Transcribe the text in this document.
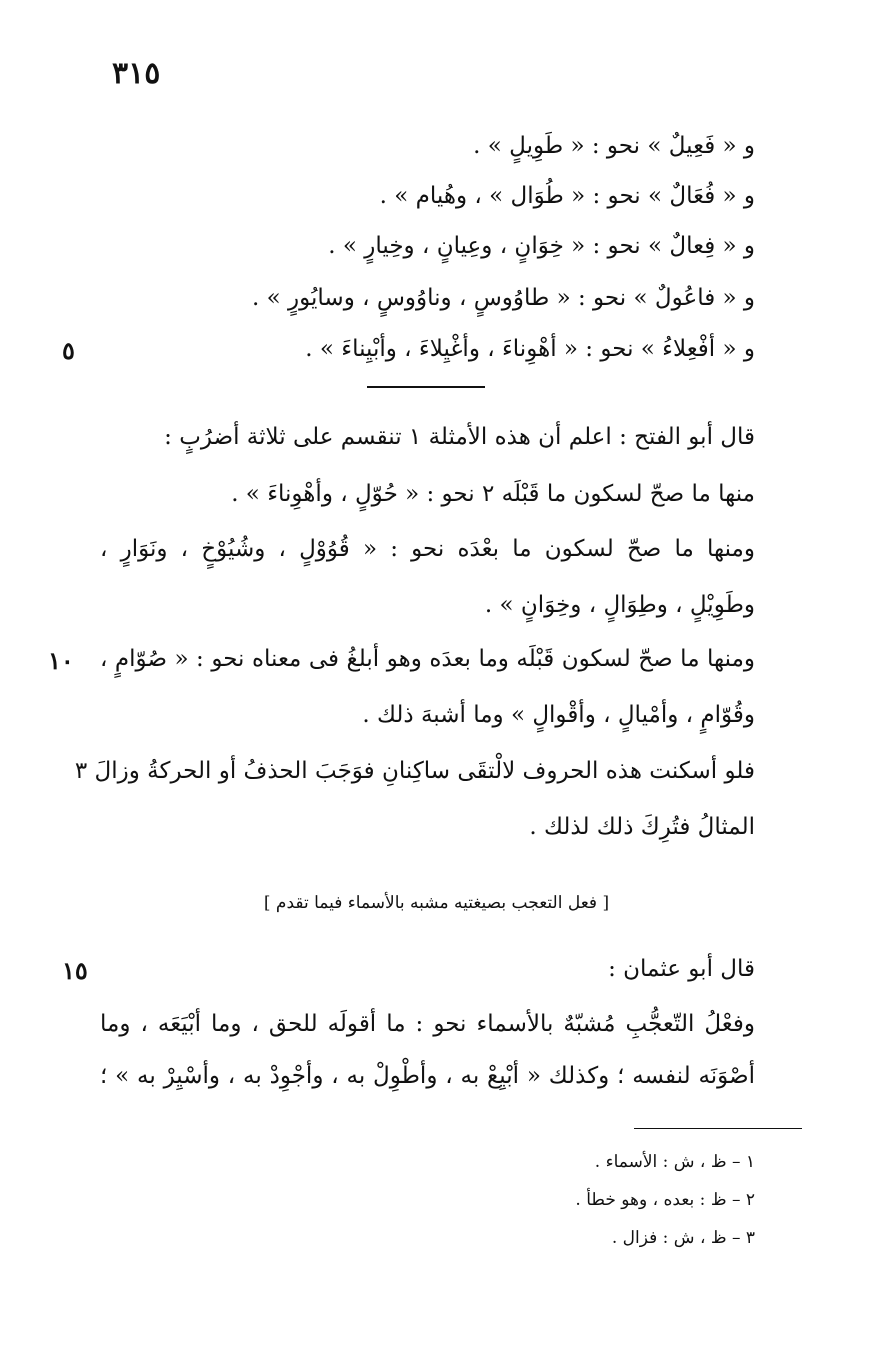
٣١٥
و « فَعِيلٌ » نحو : « طَوِيلٍ » .
و « فُعَالٌ » نحو : « طُوَال » ، وهُيام » .
و « فِعالٌ » نحو : « خِوَانٍ ، وعِيانٍ ، وخِيارٍ » .
و « فاعُولٌ » نحو : « طاوُوسٍ ، وناوُوسٍ ، وسايُورٍ » .
و « أفْعِلاءُ » نحو : « أهْوِناءَ ، وأغْيِلاءَ ، وأبْيِناءَ » .
٥
قال أبو الفتح : اعلم أن هذه الأمثلة ١ تنقسم على ثلاثة أضرُبٍ :
منها ما صحّ لسكون ما قَبْلَه ٢ نحو : « حُوّلٍ ، وأهْوِناءَ » .
ومنها ما صحّ لسكون ما بعْدَه نحو : « قُوُوْلٍ ، وشُيُوْخٍ ، ونَوَارٍ ،
وطَوِيْلٍ ، وطِوَالٍ ، وخِوَانٍ » .
ومنها ما صحّ لسكون قَبْلَه وما بعدَه وهو أبلغُ فى معناه نحو : « صُوّامٍ ،
١٠
وقُوّامٍ ، وأمْيالٍ ، وأقْوالٍ » وما أشبهَ ذلك .
فلو أسكنت هذه الحروف لالْتقَى ساكِنانِ فوَجَبَ الحذفُ أو الحركةُ وزالَ ٣
المثالُ فتُرِكَ ذلك لذلك .
[ فعل التعجب بصيغتيه مشبه بالأسماء فيما تقدم ]
قال أبو عثمان :
١٥
وفعْلُ التّعجُّبِ مُشبّهٌ بالأسماء نحو : ما أقولَه للحق ، وما أبْيَعَه ، وما
أصْوَنَه لنفسه ؛ وكذلك « أبْيِعْ به ، وأطْوِلْ به ، وأجْوِدْ به ، وأسْيِرْ به » ؛
١ – ظ ، ش : الأسماء .
٢ – ظ : بعده ، وهو خطأ .
٣ – ظ ، ش : فزال .
